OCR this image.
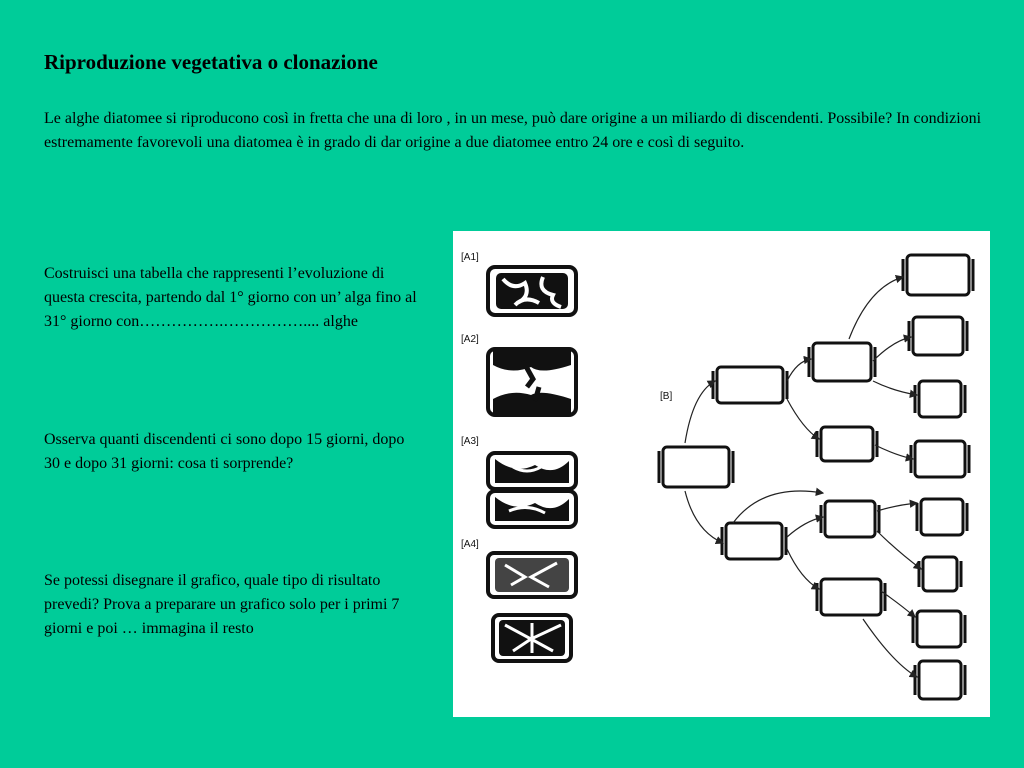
Riproduzione vegetativa o clonazione

Le alghe diatomee si riproducono così in fretta che una di loro , in un mese, può dare origine a un miliardo di discendenti. Possibile? In condizioni estremamente favorevoli una diatomea è in grado di dar origine a due diatomee entro 24 ore e così di seguito.

Costruisci una tabella che rappresenti l’evoluzione di questa crescita, partendo dal 1° giorno con un’ alga fino al 31° giorno con…………….…………….... alghe

Osserva quanti discendenti ci sono dopo 15 giorni, dopo 30 e dopo 31 giorni: cosa ti sorprende?

Se potessi disegnare il grafico, quale tipo di risultato prevedi? Prova a preparare un grafico solo per i primi 7 giorni e poi … immagina il resto

[A1]
[A2]
[A3]
[A4]
[B]
